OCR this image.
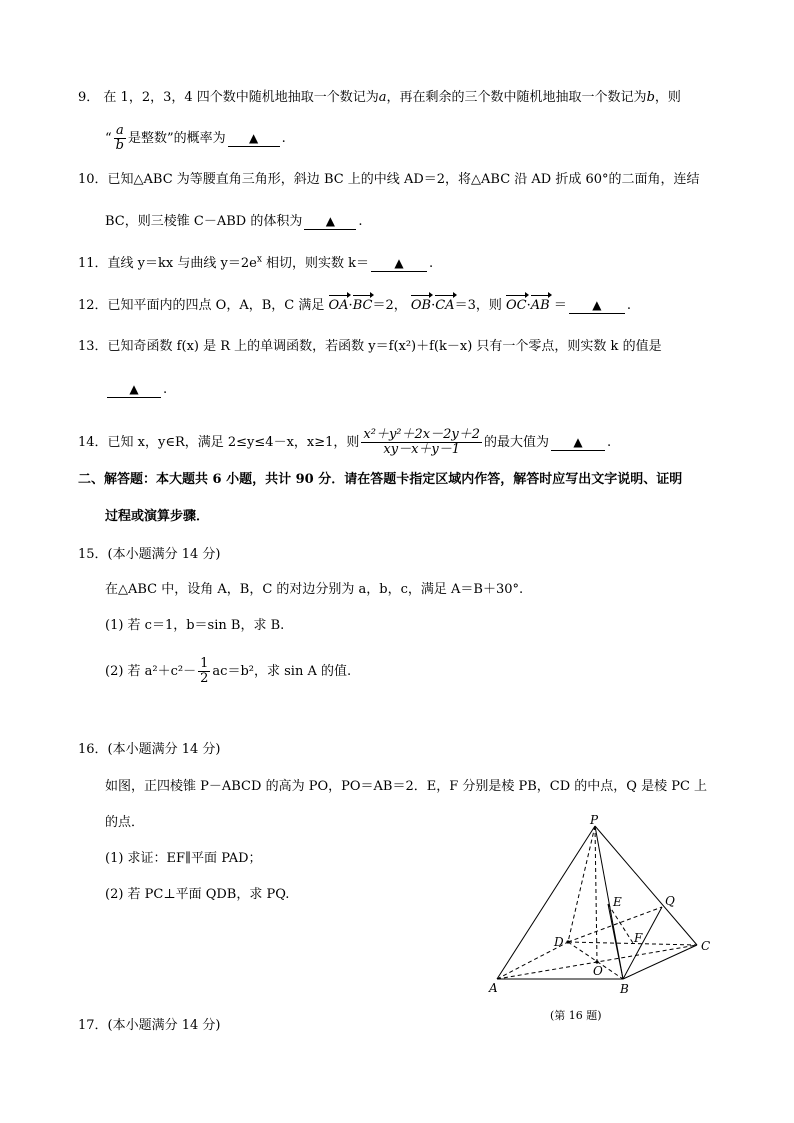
9． 在 1，2，3，4 四个数中随机地抽取一个数记为a，再在剩余的三个数中随机地抽取一个数记为b，则
“ $\frac{a}{b}$ 是整数”的概率为 ▲ .
10．已知△ABC 为等腰直角三角形，斜边 BC 上的中线 AD＝2，将△ABC 沿 AD 折成 60°的二面角，连结
BC，则三棱锥 C－ABD 的体积为 ▲ .
11．直线 y＝kx 与曲线 $y=2e^x$ 相切，则实数 k＝ ▲ .
12．已知平面内的四点 O，A，B，C 满足 OA·BC＝2， OB·CA＝3，则 OC·AB ＝ ▲ .
13．已知奇函数 f(x) 是 R 上的单调函数，若函数 y＝f(x²)＋f(k－x) 只有一个零点，则实数 k 的值是
▲ .
14．已知 x，y∈R，满足 2≤y≤4－x，x≥1，则 $\frac{\text{x²＋y²＋2x－2y＋2}}{xy-x+y-1}$ 的最大值为 ▲ .
二、解答题：本大题共 6 小题，共计 90 分．请在答题卡指定区域内作答，解答时应写出文字说明、证明
过程或演算步骤．
15．(本小题满分 14 分)
在△ABC 中，设角 A，B，C 的对边分别为 a，b，c，满足 A＝B＋30°.
(1) 若 c＝1，b＝sin B，求 B.
(2) 若 $a^2+c^2- \frac{1}{2} ac=b^2$，求 sin A 的值.
16．(本小题满分 14 分)
如图，正四棱锥 P－ABCD 的高为 PO，PO＝AB＝2．E，F 分别是棱 PB，CD 的中点，Q 是棱 PC 上
的点．
(1) 求证：EF∥平面 PAD；
(2) 若 PC⊥平面 QDB，求 PQ.
P
E	Q
D	F
C
O
A	B
(第 16 题)
17．(本小题满分 14 分)
